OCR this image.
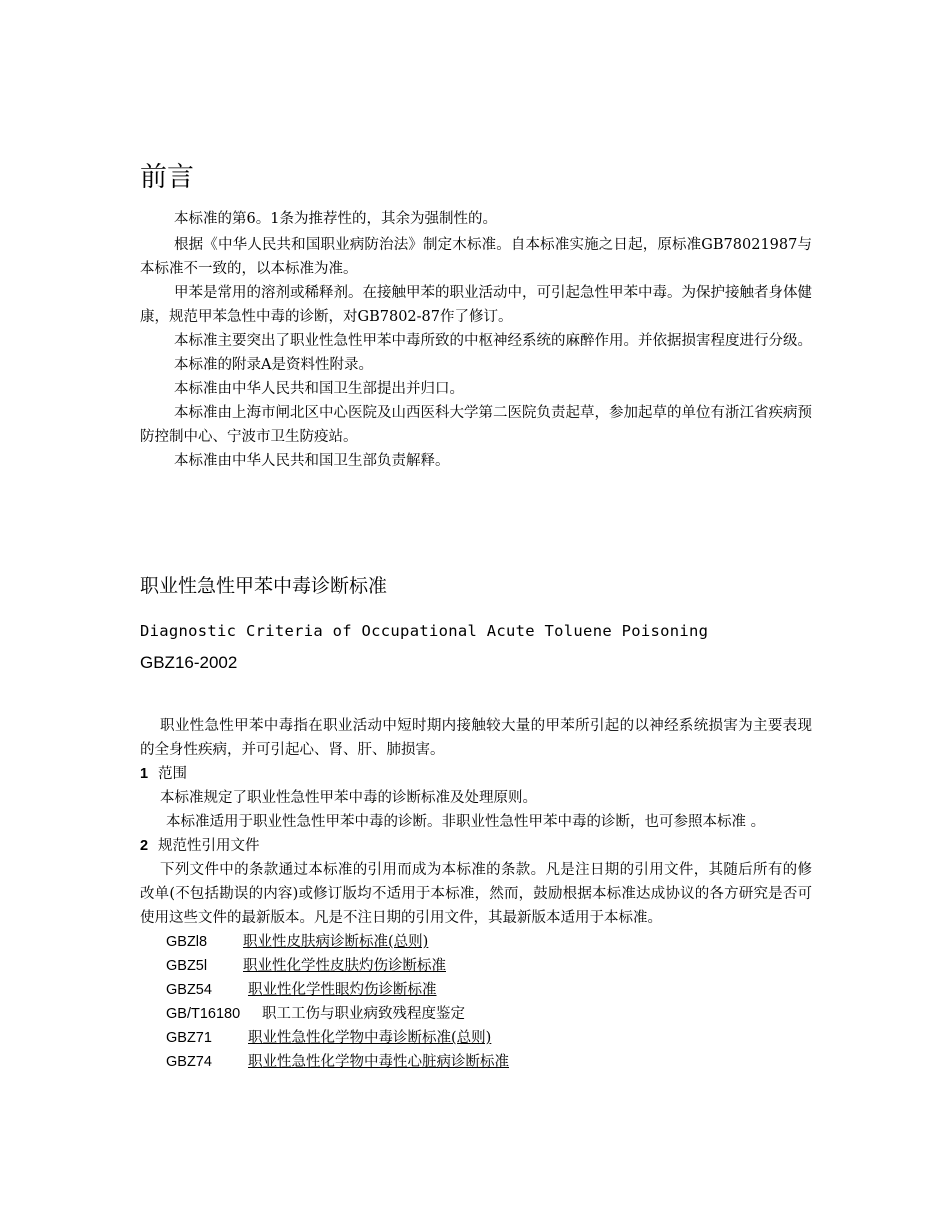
前言

本标准的第6。1条为推荐性的，其余为强制性的。

根据《中华人民共和国职业病防治法》制定木标准。自本标准实施之日起，原标准GB78021987与本标准不一致的，以本标准为准。

甲苯是常用的溶剂或稀释剂。在接触甲苯的职业活动中，可引起急性甲苯中毒。为保护接触者身体健康，规范甲苯急性中毒的诊断，对GB7802-87作了修订。

本标准主要突出了职业性急性甲苯中毒所致的中枢神经系统的麻醉作用。并依据损害程度进行分级。

本标准的附录A是资料性附录。

本标准由中华人民共和国卫生部提出并归口。

本标准由上海市闸北区中心医院及山西医科大学第二医院负责起草，参加起草的单位有浙江省疾病预防控制中心、宁波市卫生防疫站。

本标准由中华人民共和国卫生部负责解释。

职业性急性甲苯中毒诊断标准
Diagnostic Criteria of Occupational Acute Toluene Poisoning
GBZ16-2002

职业性急性甲苯中毒指在职业活动中短时期内接触较大量的甲苯所引起的以神经系统损害为主要表现的全身性疾病，并可引起心、肾、肝、肺损害。

1 范围

本标准规定了职业性急性甲苯中毒的诊断标准及处理原则。

本标准适用于职业性急性甲苯中毒的诊断。非职业性急性甲苯中毒的诊断，也可参照本标准 。

2 规范性引用文件

下列文件中的条款通过本标准的引用而成为本标准的条款。凡是注日期的引用文件，其随后所有的修改单(不包括勘误的内容)或修订版均不适用于本标准，然而，鼓励根据本标准达成协议的各方研究是否可使用这些文件的最新版本。凡是不注日期的引用文件，其最新版本适用于本标准。

GBZl8	职业性皮肤病诊断标准(总则)
GBZ5l	职业性化学性皮肤灼伤诊断标准
GBZ54	职业性化学性眼灼伤诊断标准
GB/T16180	职工工伤与职业病致残程度鉴定
GBZ71	职业性急性化学物中毒诊断标准(总则)
GBZ74	职业性急性化学物中毒性心脏病诊断标准
